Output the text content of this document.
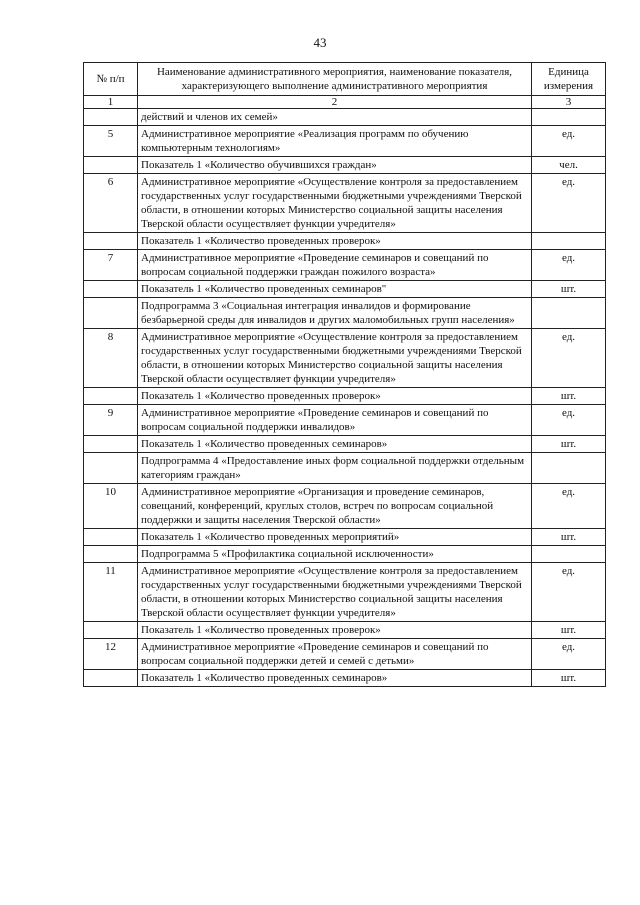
43
№ п/п	Наименование административного мероприятия, наименование показателя, характеризующего выполнение административного мероприятия	Единица измерения
1	2	3
	действий и членов их семей»	
5	Административное мероприятие «Реализация программ по обучению компьютерным технологиям»	ед.
	Показатель 1 «Количество обучившихся граждан»	чел.
6	Административное мероприятие «Осуществление контроля за предоставлением государственных услуг государственными бюджетными учреждениями Тверской области, в отношении которых Министерство социальной защиты населения Тверской области осуществляет функции учредителя»	ед.
	Показатель 1 «Количество проведенных проверок»	
7	Административное мероприятие «Проведение семинаров и совещаний по вопросам социальной поддержки граждан пожилого возраста»	ед.
	Показатель 1 «Количество проведенных семинаров"	шт.
	Подпрограмма 3 «Социальная интеграция инвалидов и формирование безбарьерной среды для инвалидов и других маломобильных групп населения»	
8	Административное мероприятие «Осуществление контроля за предоставлением государственных услуг государственными бюджетными учреждениями Тверской области, в отношении которых Министерство социальной защиты населения Тверской области осуществляет функции учредителя»	ед.
	Показатель 1 «Количество проведенных проверок»	шт.
9	Административное мероприятие «Проведение семинаров и совещаний по вопросам социальной поддержки инвалидов»	ед.
	Показатель 1 «Количество проведенных семинаров»	шт.
	Подпрограмма 4 «Предоставление иных форм социальной поддержки отдельным категориям граждан»	
10	Административное мероприятие «Организация и проведение семинаров, совещаний, конференций, круглых столов, встреч по вопросам социальной поддержки и защиты населения Тверской области»	ед.
	Показатель 1 «Количество проведенных мероприятий»	шт.
	Подпрограмма 5 «Профилактика социальной исключенности»	
11	Административное мероприятие «Осуществление контроля за предоставлением государственных услуг государственными бюджетными учреждениями Тверской области, в отношении которых Министерство социальной защиты населения Тверской области осуществляет функции учредителя»	ед.
	Показатель 1 «Количество проведенных проверок»	шт.
12	Административное мероприятие «Проведение семинаров и совещаний по вопросам социальной поддержки детей и семей с детьми»	ед.
	Показатель 1 «Количество проведенных семинаров»	шт.
